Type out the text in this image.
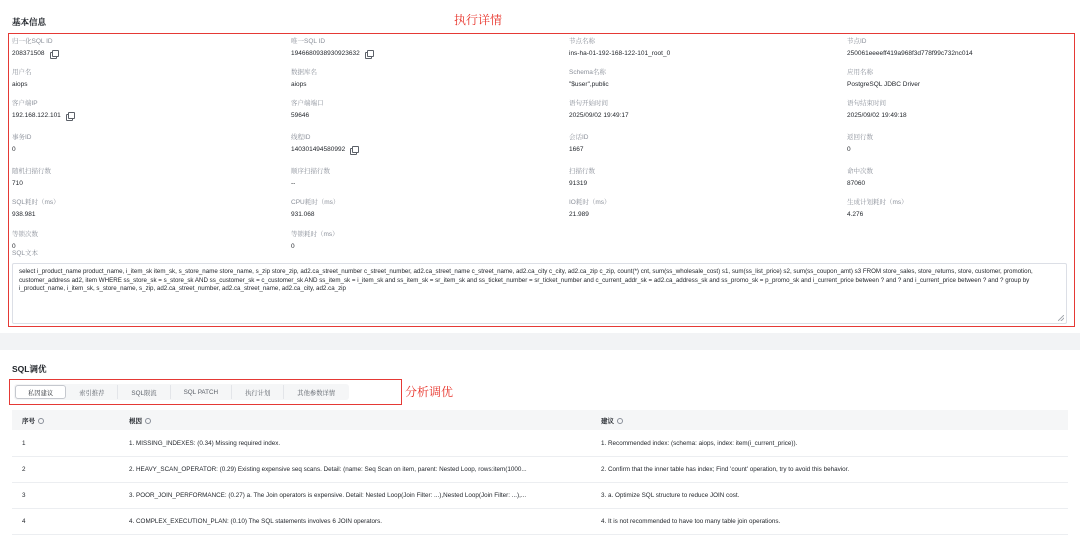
基本信息	执行详情
归一化SQL ID
208371508
唯一SQL ID
1946680938930923632
节点名称
ins-ha-01-192-168-122-101_root_0
节点ID
250061eeeeff419a968f3d778f99c732nc014
用户名
aiops
数据库名
aiops
Schema名称
"$user",public
应用名称
PostgreSQL JDBC Driver
客户端IP
192.168.122.101
客户端端口
59646
语句开始时间
2025/09/02 19:49:17
语句结束时间
2025/09/02 19:49:18
事务ID
0
线程ID
140301494580992
会话ID
1667
返回行数
0
随机扫描行数
710
顺序扫描行数
--
扫描行数
91319
命中次数
87060
SQL耗时（ms）
938.981
CPU耗时（ms）
931.068
IO耗时（ms）
21.989
生成计划耗时（ms）
4.276
等锁次数
0
等锁耗时（ms）
0
SQL文本
select i_product_name product_name, i_item_sk item_sk, s_store_name store_name, s_zip store_zip, ad2.ca_street_number c_street_number, ad2.ca_street_name c_street_name, ad2.ca_city c_city, ad2.ca_zip c_zip, count(*) cnt, sum(ss_wholesale_cost) s1, sum(ss_list_price) s2, sum(ss_coupon_amt) s3 FROM store_sales, store_returns, store, customer, promotion, customer_address ad2, item WHERE ss_store_sk = s_store_sk AND ss_customer_sk = c_customer_sk AND ss_item_sk = i_item_sk and ss_item_sk = sr_item_sk and ss_ticket_number = sr_ticket_number and c_current_addr_sk = ad2.ca_address_sk and ss_promo_sk = p_promo_sk and i_current_price between ? and ? and i_current_price between ? and ? group by i_product_name, i_item_sk, s_store_name, s_zip, ad2.ca_street_number, ad2.ca_street_name, ad2.ca_city, ad2.ca_zip
SQL调优
分析调优
私因建议	索引推荐	SQL限流	SQL PATCH	执行计划	其他参数详情
序号	根因	建议
1	1. MISSING_INDEXES: (0.34) Missing required index.	1. Recommended index: (schema: aiops, index: item(i_current_price)).
2	2. HEAVY_SCAN_OPERATOR: (0.29) Existing expensive seq scans. Detail: (name: Seq Scan on item, parent: Nested Loop, rows:item(1000...	2. Confirm that the inner table has index; Find 'count' operation, try to avoid this behavior.
3	3. POOR_JOIN_PERFORMANCE: (0.27) a. The Join operators is expensive. Detail: Nested Loop(Join Filter: ...),Nested Loop(Join Filter: ...),...	3. a. Optimize SQL structure to reduce JOIN cost.
4	4. COMPLEX_EXECUTION_PLAN: (0.10) The SQL statements involves 6 JOIN operators.	4. It is not recommended to have too many table join operations.
